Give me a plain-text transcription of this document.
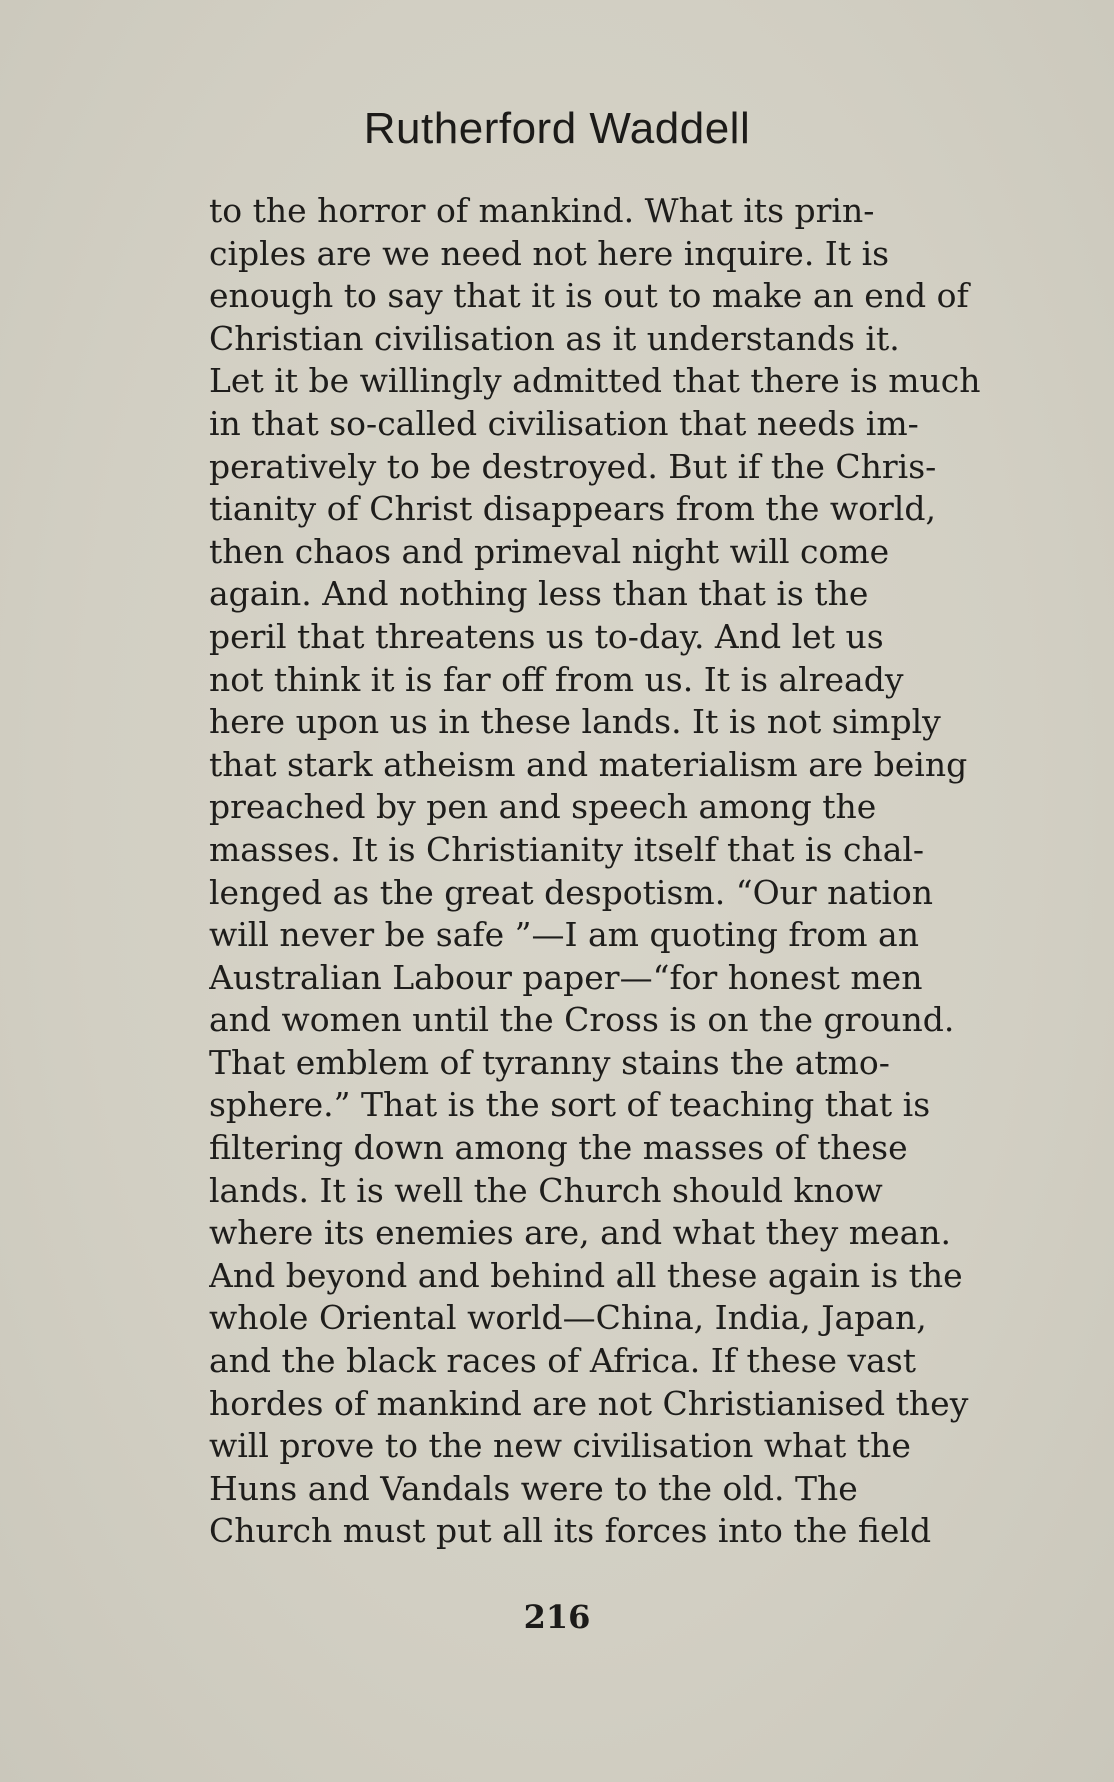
Rutherford Waddell
to the horror of mankind. What its prin-
ciples are we need not here inquire. It is
enough to say that it is out to make an end of
Christian civilisation as it understands it.
Let it be willingly admitted that there is much
in that so-called civilisation that needs im-
peratively to be destroyed. But if the Chris-
tianity of Christ disappears from the world,
then chaos and primeval night will come
again. And nothing less than that is the
peril that threatens us to-day. And let us
not think it is far off from us. It is already
here upon us in these lands. It is not simply
that stark atheism and materialism are being
preached by pen and speech among the
masses. It is Christianity itself that is chal-
lenged as the great despotism. “Our nation
will never be safe ”—I am quoting from an
Australian Labour paper—“for honest men
and women until the Cross is on the ground.
That emblem of tyranny stains the atmo-
sphere.” That is the sort of teaching that is
filtering down among the masses of these
lands. It is well the Church should know
where its enemies are, and what they mean.
And beyond and behind all these again is the
whole Oriental world—China, India, Japan,
and the black races of Africa. If these vast
hordes of mankind are not Christianised they
will prove to the new civilisation what the
Huns and Vandals were to the old. The
Church must put all its forces into the field
216
